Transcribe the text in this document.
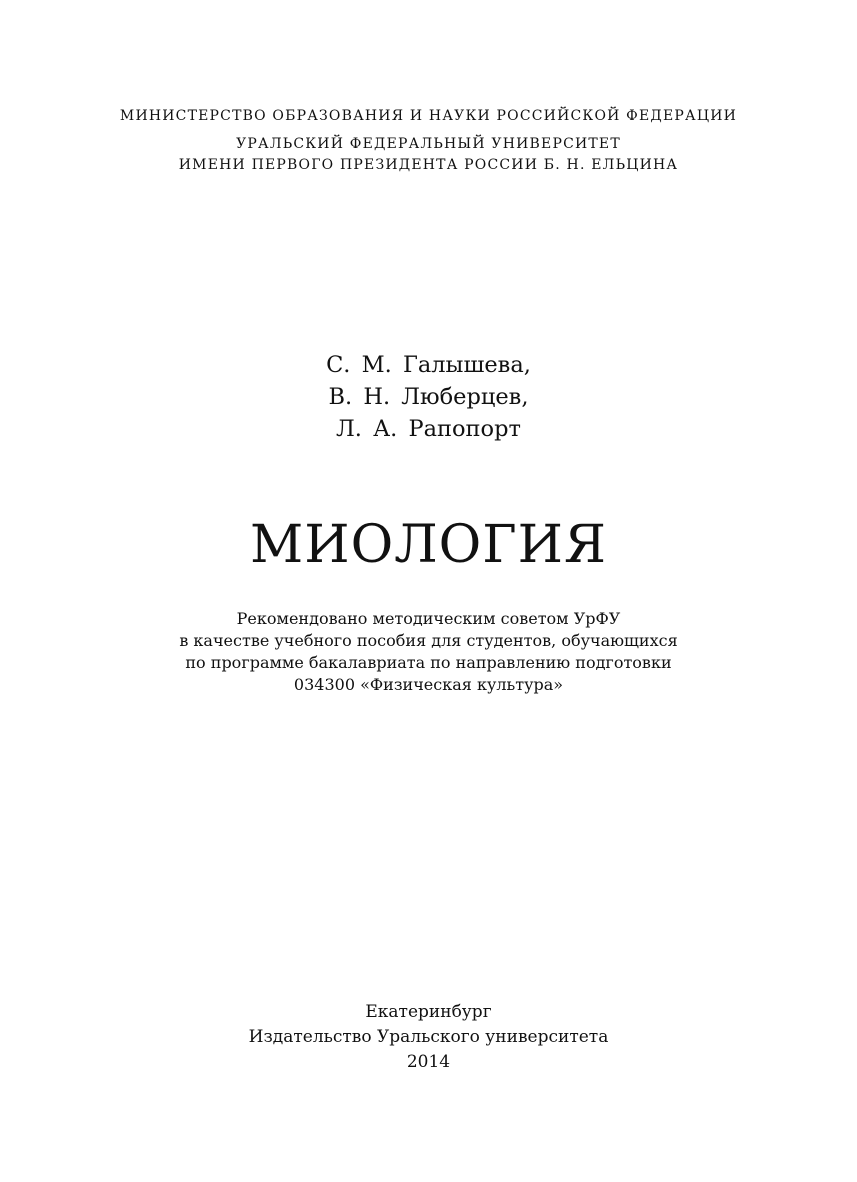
МИНИСТЕРСТВО ОБРАЗОВАНИЯ И НАУКИ РОССИЙСКОЙ ФЕДЕРАЦИИ
УРАЛЬСКИЙ ФЕДЕРАЛЬНЫЙ УНИВЕРСИТЕТ
ИМЕНИ ПЕРВОГО ПРЕЗИДЕНТА РОССИИ Б. Н. ЕЛЬЦИНА
С. М. Галышева,
В. Н. Люберцев,
Л. А. Рапопорт
МИОЛОГИЯ
Рекомендовано методическим советом УрФУ
в качестве учебного пособия для студентов, обучающихся
по программе бакалавриата по направлению подготовки
034300 «Физическая культура»
Екатеринбург
Издательство Уральского университета
2014
